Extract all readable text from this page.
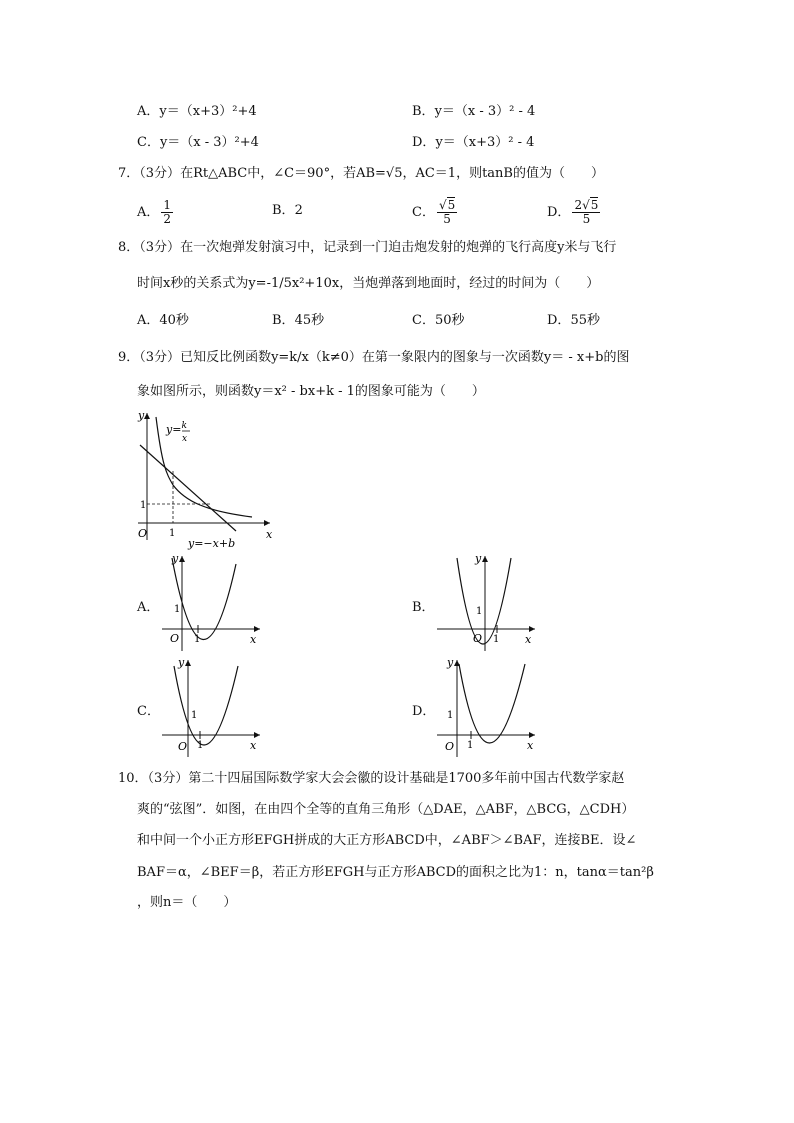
A．y＝（x+3）²+4	B．y＝（x - 3）² - 4
C．y＝（x - 3）²+4	D．y＝（x+3）² - 4
7．（3分）在Rt△ABC中，∠C＝90°，若AB=√5，AC＝1，则tanB的值为（　　）
A． $\frac{1}{2}$	B．2	C． $\frac{√5}{5}$	D． $\frac{2√5}{5}$
8．（3分）在一次炮弹发射演习中，记录到一门迫击炮发射的炮弹的飞行高度y米与飞行
时间x秒的关系式为y=-1/5x²+10x，当炮弹落到地面时，经过的时间为（　　）
A．40秒	B．45秒	C．50秒	D．55秒
9．（3分）已知反比例函数y=k/x（k≠0）在第一象限内的图象与一次函数y＝ - x+b的图
象如图所示，则函数y＝x² - bx+k - 1的图象可能为（　　）
y
x
O 1
1
y=$^k$
x
y=−x+b
A．
y
x
O
1
1
B．
y
x
O
1
1
C．
y
x
O
1
1
D．
y
x
O
1
1
10．（3分）第二十四届国际数学家大会会徽的设计基础是1700多年前中国古代数学家赵
爽的“弦图”．如图，在由四个全等的直角三角形（△DAE，△ABF，△BCG，△CDH）
和中间一个小正方形EFGH拼成的大正方形ABCD中，∠ABF＞∠BAF，连接BE．设∠
BAF＝α，∠BEF＝β，若正方形EFGH与正方形ABCD的面积之比为1：n，tanα＝tan²β
，则n＝（　　）
